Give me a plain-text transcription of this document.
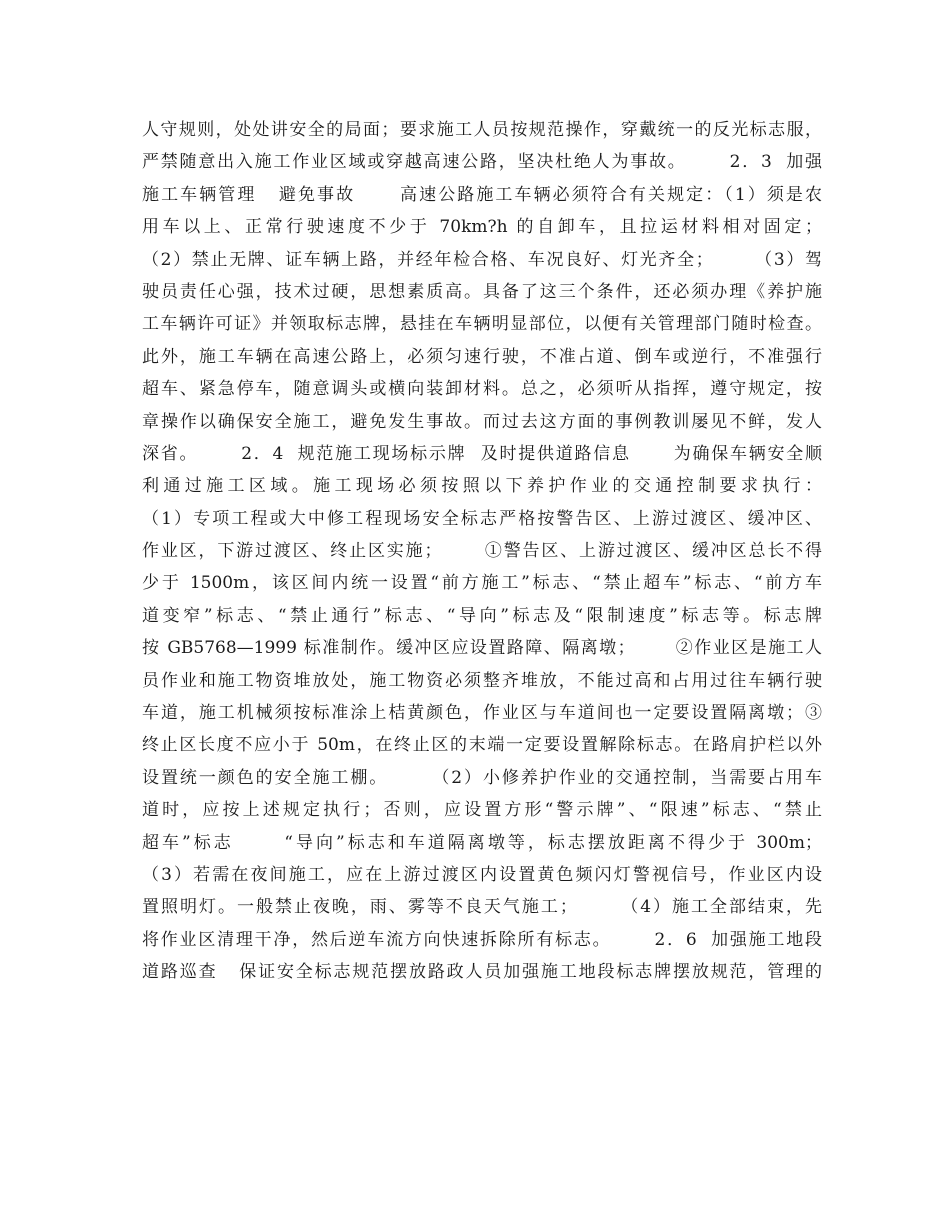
人守规则，处处讲安全的局面；要求施工人员按规范操作，穿戴统一的反光标志服，
严禁随意出入施工作业区域或穿越高速公路，坚决杜绝人为事故。      2．3  加强
施工车辆管理   避免事故      高速公路施工车辆必须符合有关规定：（1）须是农
用车以上、正常行驶速度不少于 70km?h 的自卸车，且拉运材料相对固定；
（2）禁止无牌、证车辆上路，并经年检合格、车况良好、灯光齐全；      （3）驾
驶员责任心强，技术过硬，思想素质高。具备了这三个条件，还必须办理《养护施
工车辆许可证》并领取标志牌，悬挂在车辆明显部位，以便有关管理部门随时检查。
此外，施工车辆在高速公路上，必须匀速行驶，不准占道、倒车或逆行，不准强行
超车、紧急停车，随意调头或横向装卸材料。总之，必须听从指挥，遵守规定，按
章操作以确保安全施工，避免发生事故。而过去这方面的事例教训屡见不鲜，发人
深省。      2．4  规范施工现场标示牌  及时提供道路信息      为确保车辆安全顺
利通过施工区域。施工现场必须按照以下养护作业的交通控制要求执行：
（1）专项工程或大中修工程现场安全标志严格按警告区、上游过渡区、缓冲区、
作业区，下游过渡区、终止区实施；      ①警告区、上游过渡区、缓冲区总长不得
少于 1500m，该区间内统一设置“前方施工”标志、“禁止超车”标志、“前方车
道变窄”标志、“禁止通行”标志、“导向”标志及“限制速度”标志等。标志牌
按 GB5768—1999 标准制作。缓冲区应设置路障、隔离墩；      ②作业区是施工人
员作业和施工物资堆放处，施工物资必须整齐堆放，不能过高和占用过往车辆行驶
车道，施工机械须按标准涂上桔黄颜色，作业区与车道间也一定要设置隔离墩；③
终止区长度不应小于 50m，在终止区的末端一定要设置解除标志。在路肩护栏以外
设置统一颜色的安全施工棚。      （2）小修养护作业的交通控制，当需要占用车
道时，应按上述规定执行；否则，应设置方形“警示牌”、“限速”标志、“禁止
超车”标志      “导向”标志和车道隔离墩等，标志摆放距离不得少于 300m；
（3）若需在夜间施工，应在上游过渡区内设置黄色频闪灯警视信号，作业区内设
置照明灯。一般禁止夜晚，雨、雾等不良天气施工；      （4）施工全部结束，先
将作业区清理干净，然后逆车流方向快速拆除所有标志。      2．6  加强施工地段
道路巡查   保证安全标志规范摆放路政人员加强施工地段标志牌摆放规范，管理的
